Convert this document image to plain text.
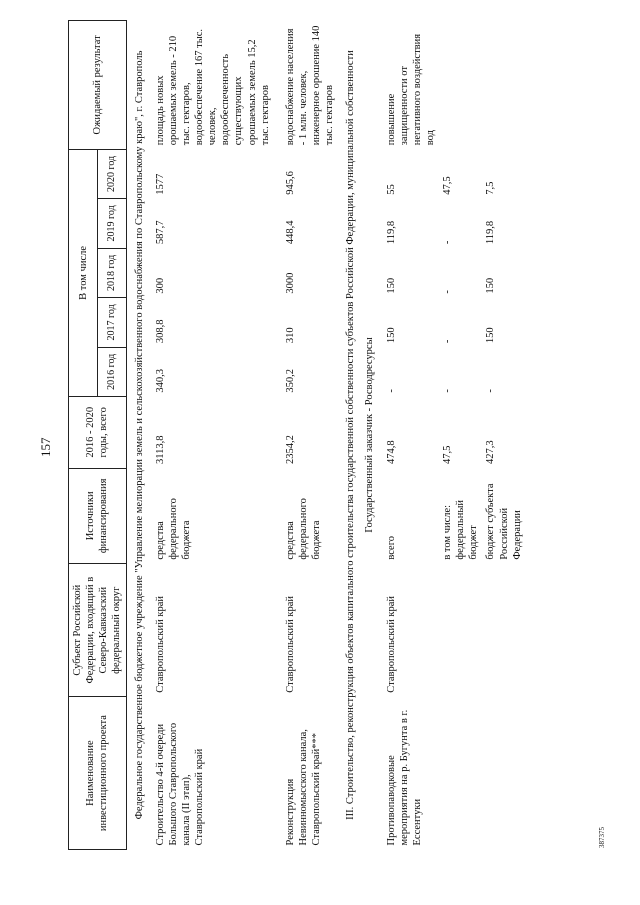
157
387375
Наименование инвестиционного проекта	Субъект Российской Федерации, входящий в Северо-Кавказский федеральный округ	Источники финансирования	2016 - 2020 годы, всего	В том числе					Ожидаемый результат
				2016 год	2017 год	2018 год	2019 год	2020 год	
Федеральное государственное бюджетное учреждение "Управление мелиорации земель и сельскохозяйственного водоснабжения по Ставропольскому краю", г. Ставрополь									
Строительство 4-й очереди Большого Ставропольского канала (II этап), Ставропольский край	Ставропольский край	средства федерального бюджета	3113,8	340,3	308,8	300	587,7	1577	площадь новых орошаемых земель - 210 тыс. гектаров, водообеспечение 167 тыс. человек, водообеспеченность существующих орошаемых земель 15,2 тыс. гектаров
Реконструкция Невинномысского канала, Ставропольский край***	Ставропольский край	средства федерального бюджета	2354,2	350,2	310	3000	448,4	945,6	водоснабжение населения - 1 млн. человек, инженерное орошение 140 тыс. гектаров
III. Строительство, реконструкция объектов капитального строительства государственной собственности субъектов Российской Федерации, муниципальной собственности									
Государственный заказчик - Росводресурсы									
Противопаводковые мероприятия на р. Бугунта в г. Ессентуки	Ставропольский край	всего	474,8	-	150	150	119,8	55	повышение защищенности от негативного воздействия вод
		в том числе: федеральный бюджет	47,5	-	-	-	-	47,5	
		бюджет субъекта Российской Федерации	427,3	-	150	150	119,8	7,5	
